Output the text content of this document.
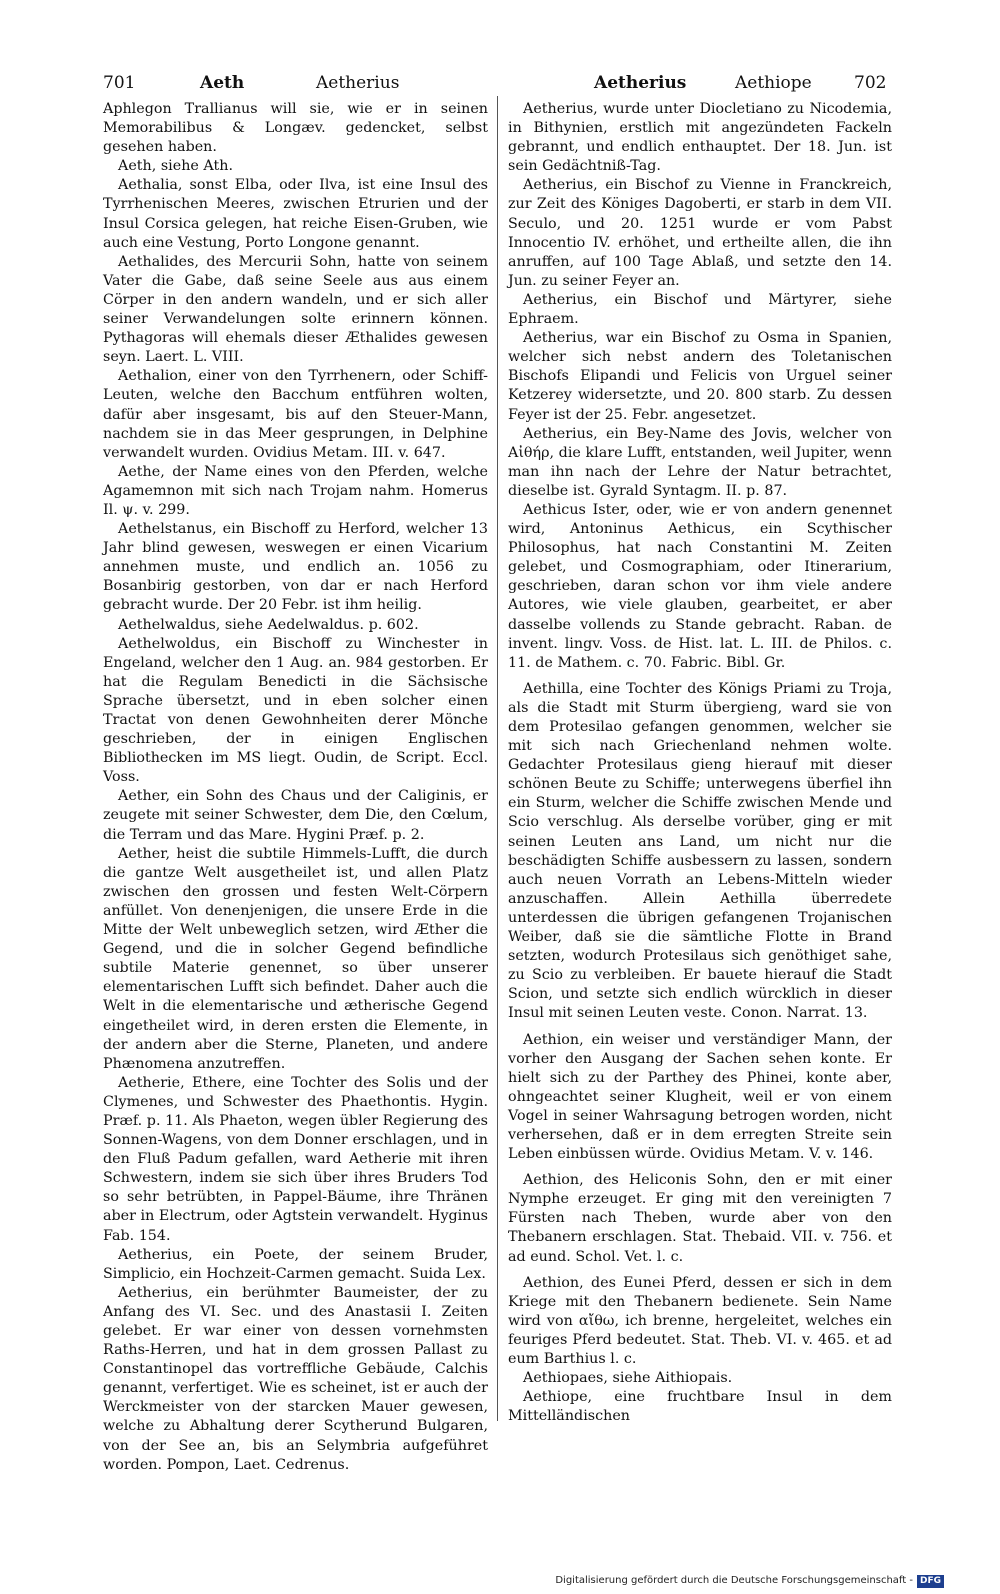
701	Aeth	Aetherius	Aetherius	Aethiope 702

Aphlegon Trallianus will sie, wie er in seinen Memorabilibus & Longæv. gedencket, selbst gesehen haben.

Aeth, siehe Ath.

Aethalia, sonst Elba, oder Ilva, ist eine Insul des Tyrrhenischen Meeres, zwischen Etrurien und der Insul Corsica gelegen, hat reiche Eisen-Gruben, wie auch eine Vestung, Porto Longone genannt.

Aethalides, des Mercurii Sohn, hatte von seinem Vater die Gabe, daß seine Seele aus aus einem Cörper in den andern wandeln, und er sich aller seiner Verwandelungen solte erinnern können. Pythagoras will ehemals dieser Æthalides gewesen seyn. Laert. L. VIII.

Aethalion, einer von den Tyrrhenern, oder Schiff-Leuten, welche den Bacchum entführen wolten, dafür aber insgesamt, bis auf den Steuer-Mann, nachdem sie in das Meer gesprungen, in Delphine verwandelt wurden. Ovidius Metam. III. v. 647.

Aethe, der Name eines von den Pferden, welche Agamemnon mit sich nach Trojam nahm. Homerus Il. ψ. v. 299.

Aethelstanus, ein Bischoff zu Herford, welcher 13 Jahr blind gewesen, weswegen er einen Vicarium annehmen muste, und endlich an. 1056 zu Bosanbirig gestorben, von dar er nach Herford gebracht wurde. Der 20 Febr. ist ihm heilig.

Aethelwaldus, siehe Aedelwaldus. p. 602.

Aethelwoldus, ein Bischoff zu Winchester in Engeland, welcher den 1 Aug. an. 984 gestorben. Er hat die Regulam Benedicti in die Sächsische Sprache übersetzt, und in eben solcher einen Tractat von denen Gewohnheiten derer Mönche geschrieben, der in einigen Englischen Bibliothecken im MS liegt. Oudin, de Script. Eccl. Voss.

Aether, ein Sohn des Chaus und der Caliginis, er zeugete mit seiner Schwester, dem Die, den Cœlum, die Terram und das Mare. Hygini Præf. p. 2.

Aether, heist die subtile Himmels-Lufft, die durch die gantze Welt ausgetheilet ist, und allen Platz zwischen den grossen und festen Welt-Cörpern anfüllet. Von denenjenigen, die unsere Erde in die Mitte der Welt unbeweglich setzen, wird Æther die Gegend, und die in solcher Gegend befindliche subtile Materie genennet, so über unserer elementarischen Lufft sich befindet. Daher auch die Welt in die elementarische und ætherische Gegend eingetheilet wird, in deren ersten die Elemente, in der andern aber die Sterne, Planeten, und andere Phænomena anzutreffen.

Aetherie, Ethere, eine Tochter des Solis und der Clymenes, und Schwester des Phaethontis. Hygin. Præf. p. 11. Als Phaeton, wegen übler Regierung des Sonnen-Wagens, von dem Donner erschlagen, und in den Fluß Padum gefallen, ward Aetherie mit ihren Schwestern, indem sie sich über ihres Bruders Tod so sehr betrübten, in Pappel-Bäume, ihre Thränen aber in Electrum, oder Agtstein verwandelt. Hyginus Fab. 154.

Aetherius, ein Poete, der seinem Bruder, Simplicio, ein Hochzeit-Carmen gemacht. Suida Lex.

Aetherius, ein berühmter Baumeister, der zu Anfang des VI. Sec. und des Anastasii I. Zeiten gelebet. Er war einer von dessen vornehmsten Raths-Herren, und hat in dem grossen Pallast zu Constantinopel das vortreffliche Gebäude, Calchis genannt, verfertiget. Wie es scheinet, ist er auch der Werckmeister von der starcken Mauer gewesen, welche zu Abhaltung derer Scytherund Bulgaren, von der See an, bis an Selymbria aufgeführet worden. Pompon, Laet. Cedrenus.

Aetherius, wurde unter Diocletiano zu Nicodemia, in Bithynien, erstlich mit angezündeten Fackeln gebrannt, und endlich enthauptet. Der 18. Jun. ist sein Gedächtniß-Tag.

Aetherius, ein Bischof zu Vienne in Franckreich, zur Zeit des Königes Dagoberti, er starb in dem VII. Seculo, und 20. 1251 wurde er vom Pabst Innocentio IV. erhöhet, und ertheilte allen, die ihn anruffen, auf 100 Tage Ablaß, und setzte den 14. Jun. zu seiner Feyer an.

Aetherius, ein Bischof und Märtyrer, siehe Ephraem.

Aetherius, war ein Bischof zu Osma in Spanien, welcher sich nebst andern des Toletanischen Bischofs Elipandi und Felicis von Urguel seiner Ketzerey widersetzte, und 20. 800 starb. Zu dessen Feyer ist der 25. Febr. angesetzet.

Aetherius, ein Bey-Name des Jovis, welcher von Αἰθήρ, die klare Lufft, entstanden, weil Jupiter, wenn man ihn nach der Lehre der Natur betrachtet, dieselbe ist. Gyrald Syntagm. II. p. 87.

Aethicus Ister, oder, wie er von andern genennet wird, Antoninus Aethicus, ein Scythischer Philosophus, hat nach Constantini M. Zeiten gelebet, und Cosmographiam, oder Itinerarium, geschrieben, daran schon vor ihm viele andere Autores, wie viele glauben, gearbeitet, er aber dasselbe vollends zu Stande gebracht. Raban. de invent. lingv. Voss. de Hist. lat. L. III. de Philos. c. 11. de Mathem. c. 70. Fabric. Bibl. Gr.

Aethilla, eine Tochter des Königs Priami zu Troja, als die Stadt mit Sturm übergieng, ward sie von dem Protesilao gefangen genommen, welcher sie mit sich nach Griechenland nehmen wolte. Gedachter Protesilaus gieng hierauf mit dieser schönen Beute zu Schiffe; unterwegens überfiel ihn ein Sturm, welcher die Schiffe zwischen Mende und Scio verschlug. Als derselbe vorüber, ging er mit seinen Leuten ans Land, um nicht nur die beschädigten Schiffe ausbessern zu lassen, sondern auch neuen Vorrath an Lebens-Mitteln wieder anzuschaffen. Allein Aethilla überredete unterdessen die übrigen gefangenen Trojanischen Weiber, daß sie die sämtliche Flotte in Brand setzten, wodurch Protesilaus sich genöthiget sahe, zu Scio zu verbleiben. Er bauete hierauf die Stadt Scion, und setzte sich endlich würcklich in dieser Insul mit seinen Leuten veste. Conon. Narrat. 13.

Aethion, ein weiser und verständiger Mann, der vorher den Ausgang der Sachen sehen konte. Er hielt sich zu der Parthey des Phinei, konte aber, ohngeachtet seiner Klugheit, weil er von einem Vogel in seiner Wahrsagung betrogen worden, nicht verhersehen, daß er in dem erregten Streite sein Leben einbüssen würde. Ovidius Metam. V. v. 146.

Aethion, des Heliconis Sohn, den er mit einer Nymphe erzeuget. Er ging mit den vereinigten 7 Fürsten nach Theben, wurde aber von den Thebanern erschlagen. Stat. Thebaid. VII. v. 756. et ad eund. Schol. Vet. l. c.

Aethion, des Eunei Pferd, dessen er sich in dem Kriege mit den Thebanern bedienete. Sein Name wird von αἴθω, ich brenne, hergeleitet, welches ein feuriges Pferd bedeutet. Stat. Theb. VI. v. 465. et ad eum Barthius l. c.

Aethiopaes, siehe Aithiopais.

Aethiope, eine fruchtbare Insul in dem Mittelländischen

Digitalisierung gefördert durch die Deutsche Forschungsgemeinschaft - DFG
